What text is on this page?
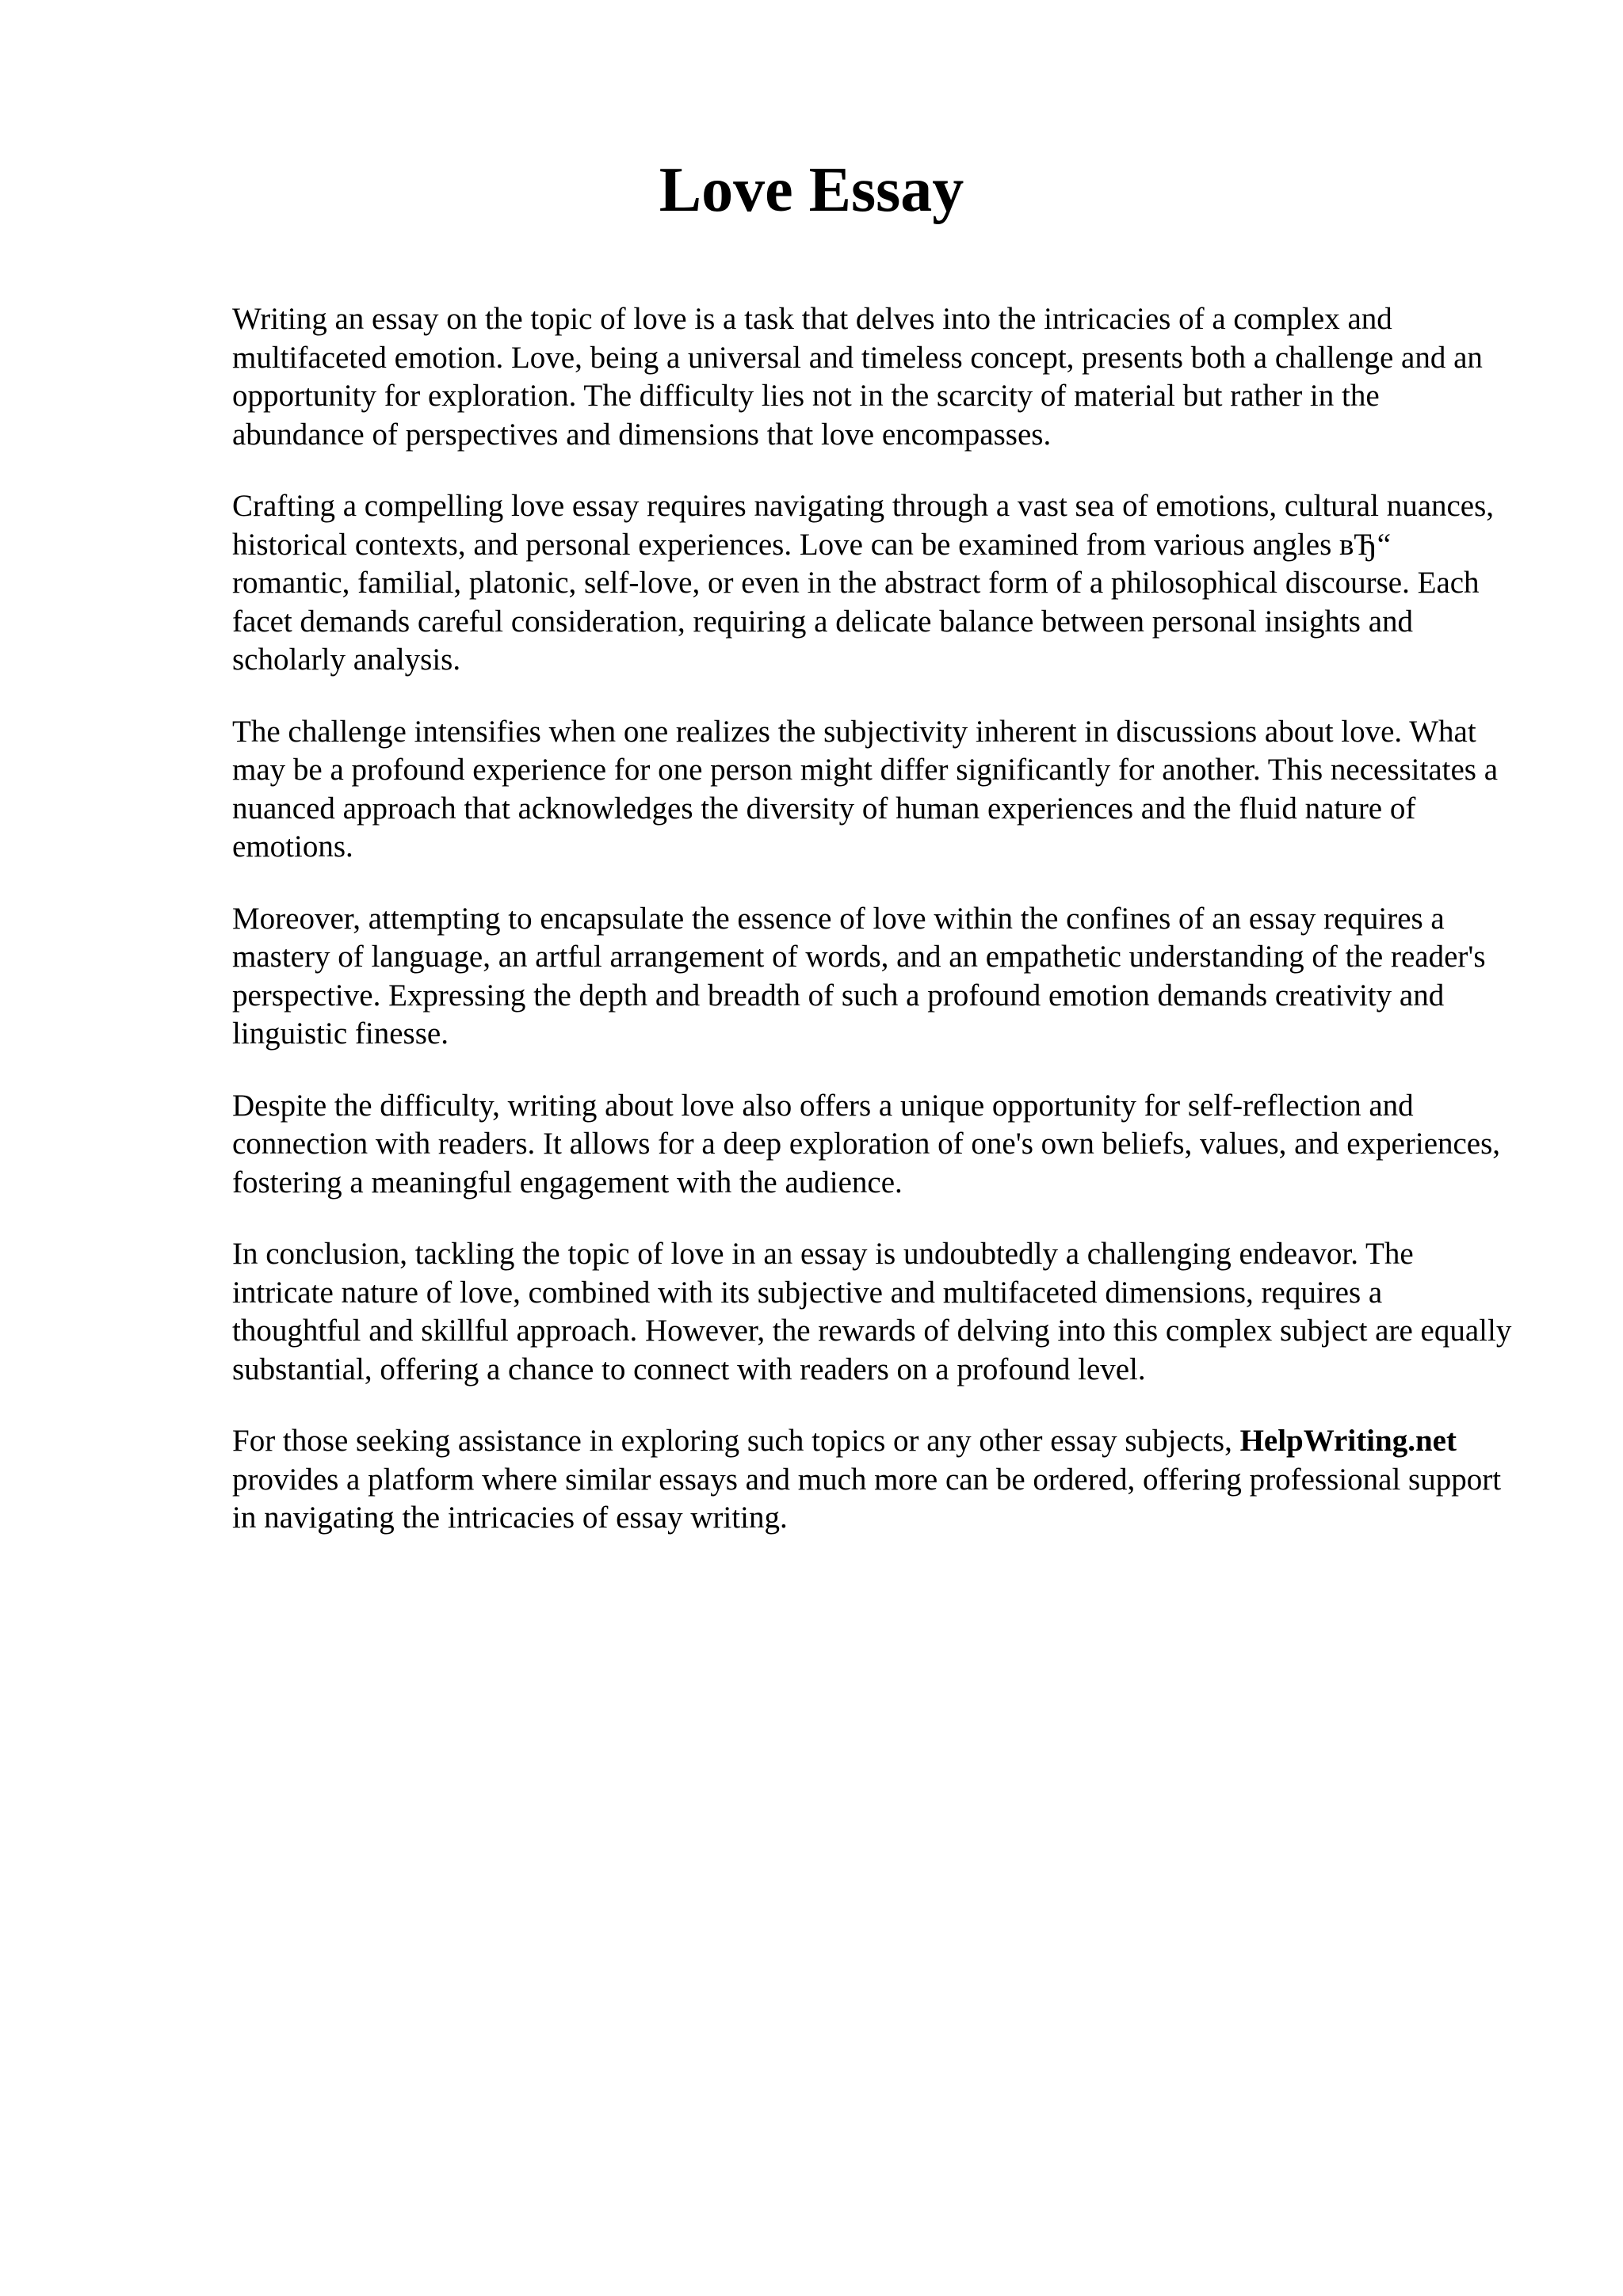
Love Essay

Writing an essay on the topic of love is a task that delves into the intricacies of a complex and multifaceted emotion. Love, being a universal and timeless concept, presents both a challenge and an opportunity for exploration. The difficulty lies not in the scarcity of material but rather in the abundance of perspectives and dimensions that love encompasses.

Crafting a compelling love essay requires navigating through a vast sea of emotions, cultural nuances, historical contexts, and personal experiences. Love can be examined from various angles вЂ“ romantic, familial, platonic, self-love, or even in the abstract form of a philosophical discourse. Each facet demands careful consideration, requiring a delicate balance between personal insights and scholarly analysis.

The challenge intensifies when one realizes the subjectivity inherent in discussions about love. What may be a profound experience for one person might differ significantly for another. This necessitates a nuanced approach that acknowledges the diversity of human experiences and the fluid nature of emotions.

Moreover, attempting to encapsulate the essence of love within the confines of an essay requires a mastery of language, an artful arrangement of words, and an empathetic understanding of the reader's perspective. Expressing the depth and breadth of such a profound emotion demands creativity and linguistic finesse.

Despite the difficulty, writing about love also offers a unique opportunity for self-reflection and connection with readers. It allows for a deep exploration of one's own beliefs, values, and experiences, fostering a meaningful engagement with the audience.

In conclusion, tackling the topic of love in an essay is undoubtedly a challenging endeavor. The intricate nature of love, combined with its subjective and multifaceted dimensions, requires a thoughtful and skillful approach. However, the rewards of delving into this complex subject are equally substantial, offering a chance to connect with readers on a profound level.

For those seeking assistance in exploring such topics or any other essay subjects, HelpWriting.net provides a platform where similar essays and much more can be ordered, offering professional support in navigating the intricacies of essay writing.
